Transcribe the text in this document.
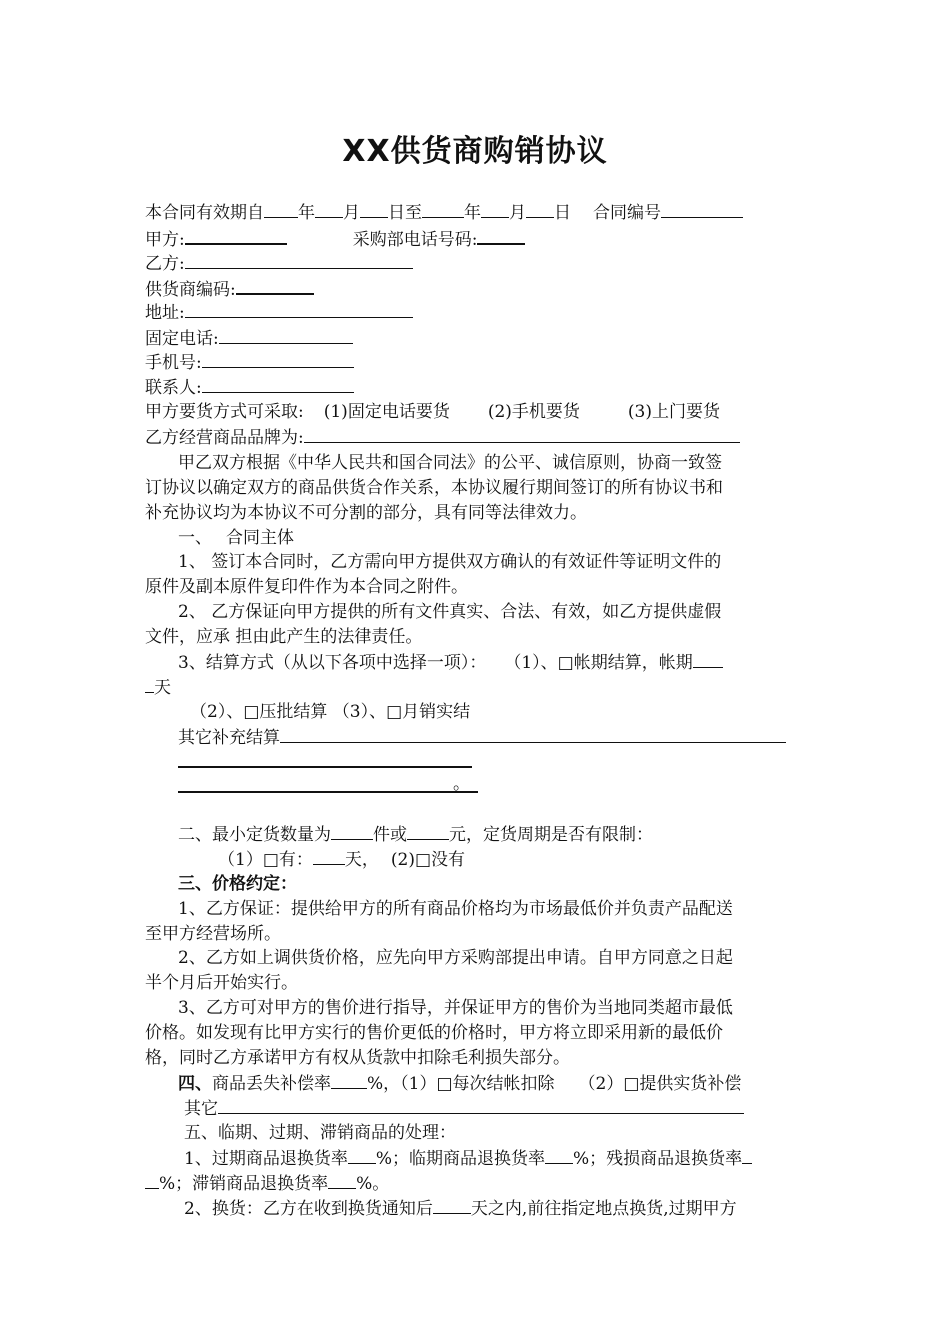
XX供货商购销协议
本合同有效期自 年 月 日至 年 月 日 合同编号
甲方:	采购部电话号码:
乙方:
供货商编码:
地址:
固定电话:
手机号:
联系人:
甲方要货方式可采取: (1)固定电话要货 (2)手机要货	(3)上门要货
乙方经营商品品牌为:
甲乙双方根据《中华人民共和国合同法》的公平、诚信原则，协商一致签
订协议以确定双方的商品供货合作关系，本协议履行期间签订的所有协议书和
补充协议均为本协议不可分割的部分，具有同等法律效力。
一、 合同主体
1、 签订本合同时，乙方需向甲方提供双方确认的有效证件等证明文件的
原件及副本原件复印件作为本合同之附件。
2、 乙方保证向甲方提供的所有文件真实、合法、有效，如乙方提供虚假
文件，应承 担由此产生的法律责任。
3、结算方式（从以下各项中选择一项）： （1）、□帐期结算，帐期
天
（2）、□压批结算 （3）、□月销实结
其它补充结算
。
二、最小定货数量为 件或 元，定货周期是否有限制：
（1）□有： 天， (2)□没有
三、价格约定：
1、乙方保证：提供给甲方的所有商品价格均为市场最低价并负责产品配送
至甲方经营场所。
2、乙方如上调供货价格，应先向甲方采购部提出申请。自甲方同意之日起
半个月后开始实行。
3、乙方可对甲方的售价进行指导，并保证甲方的售价为当地同类超市最低
价格。如发现有比甲方实行的售价更低的价格时，甲方将立即采用新的最低价
格，同时乙方承诺甲方有权从货款中扣除毛利损失部分。
四、商品丢失补偿率 %，（1）□每次结帐扣除 （2）□提供实货补偿
其它
五、临期、过期、滞销商品的处理：
1、过期商品退换货率 %；临期商品退换货率 %；残损商品退换货率
%；滞销商品退换货率 %。
2、换货：乙方在收到换货通知后 天之内,前往指定地点换货,过期甲方
